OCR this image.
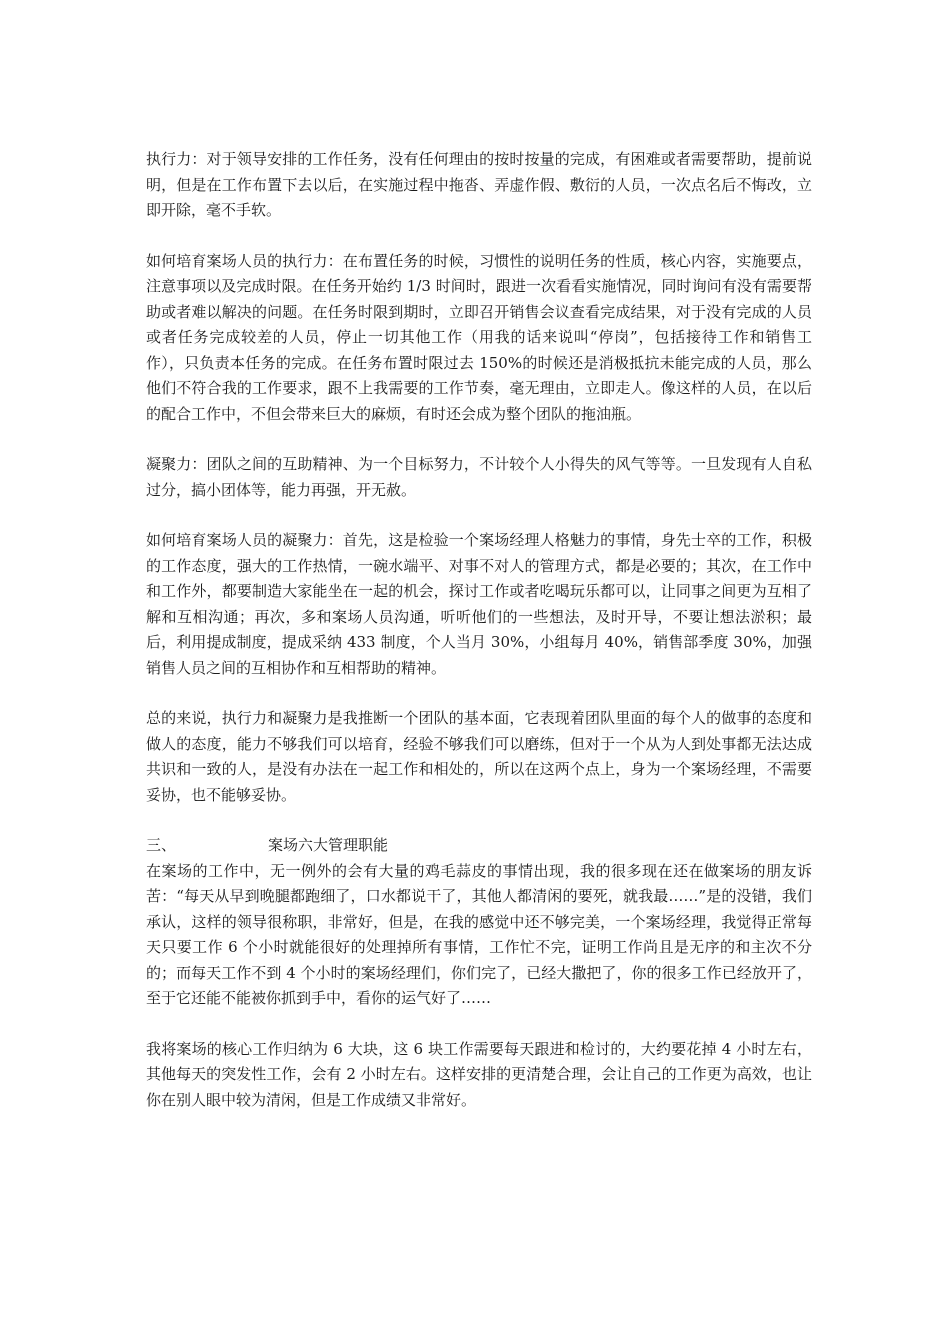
执行力：对于领导安排的工作任务，没有任何理由的按时按量的完成，有困难或者需要帮助，提前说明，但是在工作布置下去以后，在实施过程中拖沓、弄虚作假、敷衍的人员，一次点名后不悔改，立即开除，毫不手软。

如何培育案场人员的执行力：在布置任务的时候，习惯性的说明任务的性质，核心内容，实施要点，注意事项以及完成时限。在任务开始约 1/3 时间时，跟进一次看看实施情况，同时询问有没有需要帮助或者难以解决的问题。在任务时限到期时，立即召开销售会议查看完成结果，对于没有完成的人员或者任务完成较差的人员，停止一切其他工作（用我的话来说叫“停岗”，包括接待工作和销售工作），只负责本任务的完成。在任务布置时限过去 150%的时候还是消极抵抗未能完成的人员，那么他们不符合我的工作要求，跟不上我需要的工作节奏，毫无理由，立即走人。像这样的人员，在以后的配合工作中，不但会带来巨大的麻烦，有时还会成为整个团队的拖油瓶。

凝聚力：团队之间的互助精神、为一个目标努力，不计较个人小得失的风气等等。一旦发现有人自私过分，搞小团体等，能力再强，开无赦。

如何培育案场人员的凝聚力：首先，这是检验一个案场经理人格魅力的事情，身先士卒的工作，积极的工作态度，强大的工作热情，一碗水端平、对事不对人的管理方式，都是必要的；其次，在工作中和工作外，都要制造大家能坐在一起的机会，探讨工作或者吃喝玩乐都可以，让同事之间更为互相了解和互相沟通；再次，多和案场人员沟通，听听他们的一些想法，及时开导，不要让想法淤积；最后，利用提成制度，提成采纳 433 制度，个人当月 30%，小组每月 40%，销售部季度 30%，加强销售人员之间的互相协作和互相帮助的精神。

总的来说，执行力和凝聚力是我推断一个团队的基本面，它表现着团队里面的每个人的做事的态度和做人的态度，能力不够我们可以培育，经验不够我们可以磨练，但对于一个从为人到处事都无法达成共识和一致的人，是没有办法在一起工作和相处的，所以在这两个点上，身为一个案场经理，不需要妥协，也不能够妥协。

三、	案场六大管理职能

在案场的工作中，无一例外的会有大量的鸡毛蒜皮的事情出现，我的很多现在还在做案场的朋友诉苦：“每天从早到晚腿都跑细了，口水都说干了，其他人都清闲的要死，就我最……”是的没错，我们承认，这样的领导很称职，非常好，但是，在我的感觉中还不够完美，一个案场经理，我觉得正常每天只要工作 6 个小时就能很好的处理掉所有事情，工作忙不完，证明工作尚且是无序的和主次不分的；而每天工作不到 4 个小时的案场经理们，你们完了，已经大撒把了，你的很多工作已经放开了，至于它还能不能被你抓到手中，看你的运气好了……

我将案场的核心工作归纳为 6 大块，这 6 块工作需要每天跟进和检讨的，大约要花掉 4 小时左右，其他每天的突发性工作，会有 2 小时左右。这样安排的更清楚合理，会让自己的工作更为高效，也让你在别人眼中较为清闲，但是工作成绩又非常好。
